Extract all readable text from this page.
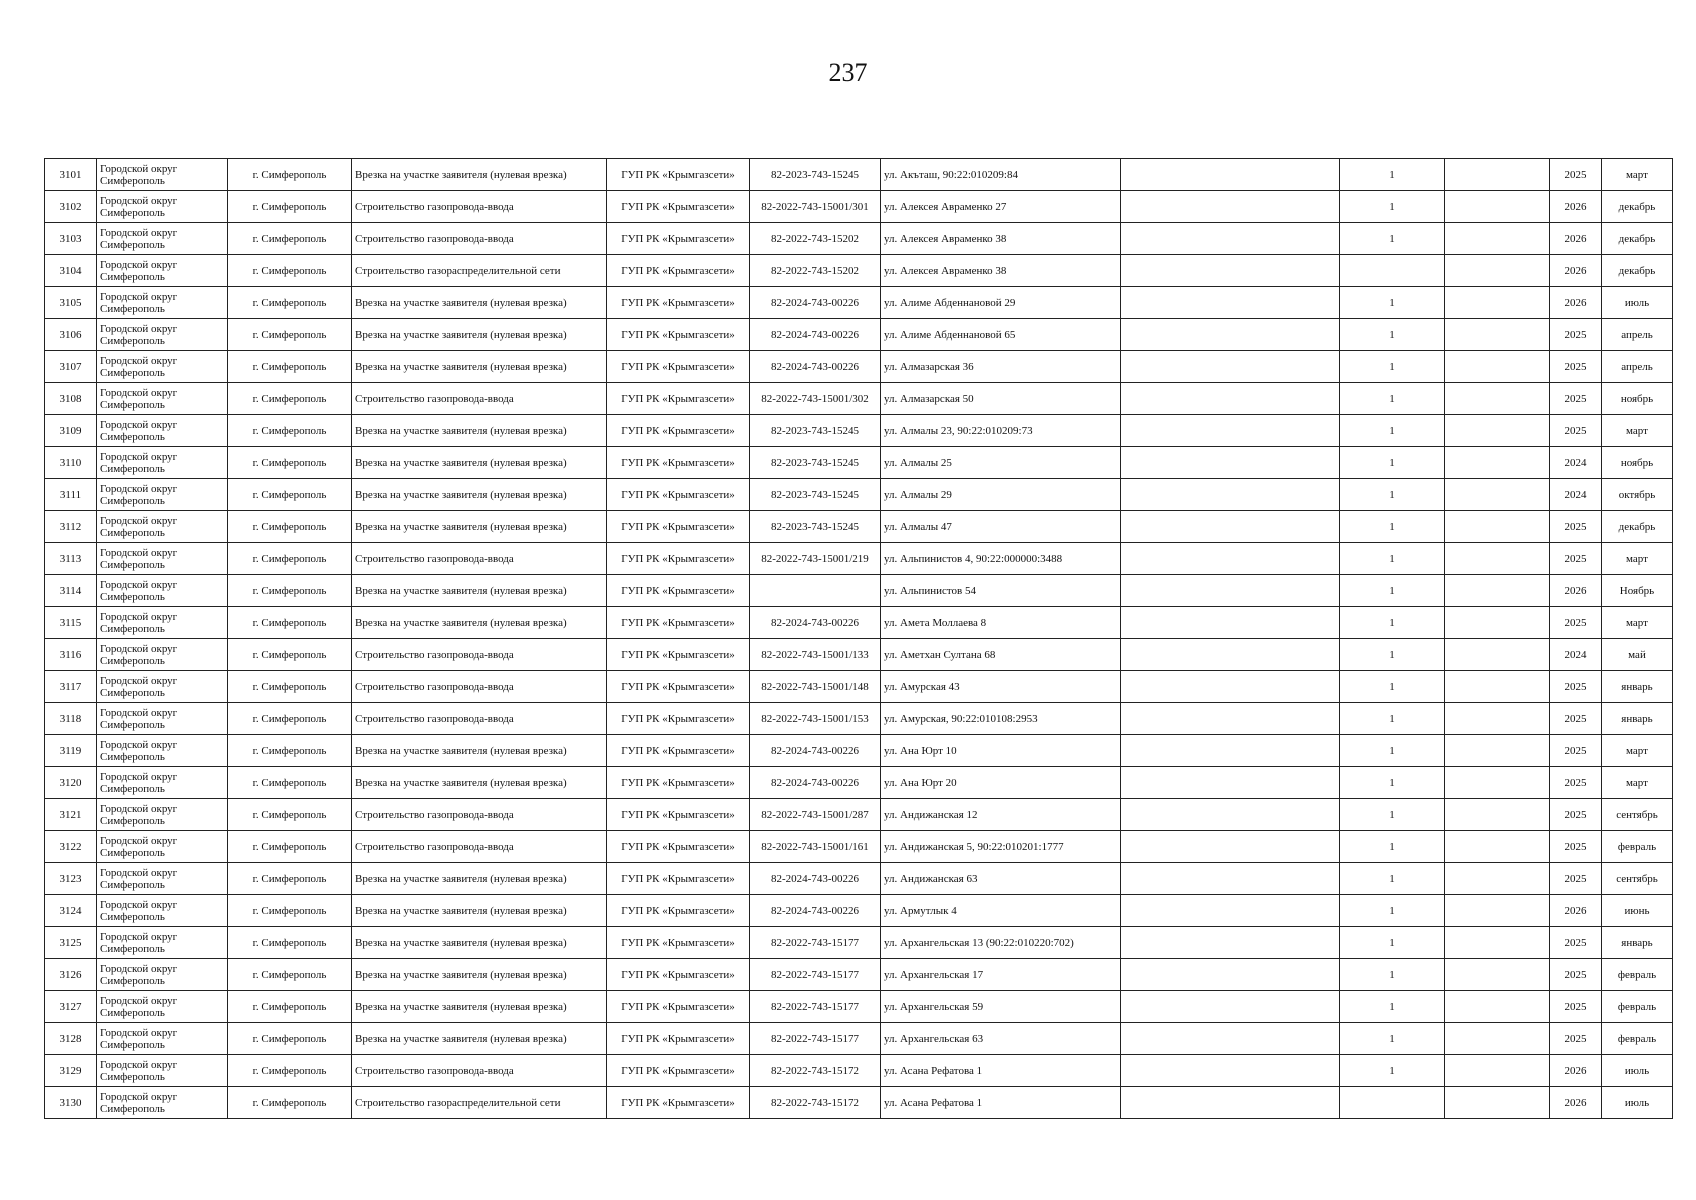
237
3101	Городской округ Симферополь	г. Симферополь	Врезка на участке заявителя (нулевая врезка)	ГУП РК «Крымгазсети»	82-2023-743-15245	ул. Акъташ, 90:22:010209:84		1		2025	март
3102	Городской округ Симферополь	г. Симферополь	Строительство газопровода-ввода	ГУП РК «Крымгазсети»	82-2022-743-15001/301	ул. Алексея Авраменко 27		1		2026	декабрь
3103	Городской округ Симферополь	г. Симферополь	Строительство газопровода-ввода	ГУП РК «Крымгазсети»	82-2022-743-15202	ул. Алексея Авраменко 38		1		2026	декабрь
3104	Городской округ Симферополь	г. Симферополь	Строительство газораспределительной сети	ГУП РК «Крымгазсети»	82-2022-743-15202	ул. Алексея Авраменко 38				2026	декабрь
3105	Городской округ Симферополь	г. Симферополь	Врезка на участке заявителя (нулевая врезка)	ГУП РК «Крымгазсети»	82-2024-743-00226	ул. Алиме Абденнановой 29		1		2026	июль
3106	Городской округ Симферополь	г. Симферополь	Врезка на участке заявителя (нулевая врезка)	ГУП РК «Крымгазсети»	82-2024-743-00226	ул. Алиме Абденнановой 65		1		2025	апрель
3107	Городской округ Симферополь	г. Симферополь	Врезка на участке заявителя (нулевая врезка)	ГУП РК «Крымгазсети»	82-2024-743-00226	ул. Алмазарская 36		1		2025	апрель
3108	Городской округ Симферополь	г. Симферополь	Строительство газопровода-ввода	ГУП РК «Крымгазсети»	82-2022-743-15001/302	ул. Алмазарская 50		1		2025	ноябрь
3109	Городской округ Симферополь	г. Симферополь	Врезка на участке заявителя (нулевая врезка)	ГУП РК «Крымгазсети»	82-2023-743-15245	ул. Алмалы 23, 90:22:010209:73		1		2025	март
3110	Городской округ Симферополь	г. Симферополь	Врезка на участке заявителя (нулевая врезка)	ГУП РК «Крымгазсети»	82-2023-743-15245	ул. Алмалы 25		1		2024	ноябрь
3111	Городской округ Симферополь	г. Симферополь	Врезка на участке заявителя (нулевая врезка)	ГУП РК «Крымгазсети»	82-2023-743-15245	ул. Алмалы 29		1		2024	октябрь
3112	Городской округ Симферополь	г. Симферополь	Врезка на участке заявителя (нулевая врезка)	ГУП РК «Крымгазсети»	82-2023-743-15245	ул. Алмалы 47		1		2025	декабрь
3113	Городской округ Симферополь	г. Симферополь	Строительство газопровода-ввода	ГУП РК «Крымгазсети»	82-2022-743-15001/219	ул. Альпинистов 4, 90:22:000000:3488		1		2025	март
3114	Городской округ Симферополь	г. Симферополь	Врезка на участке заявителя (нулевая врезка)	ГУП РК «Крымгазсети»		ул. Альпинистов 54		1		2026	Ноябрь
3115	Городской округ Симферополь	г. Симферополь	Врезка на участке заявителя (нулевая врезка)	ГУП РК «Крымгазсети»	82-2024-743-00226	ул. Амета Моллаева 8		1		2025	март
3116	Городской округ Симферополь	г. Симферополь	Строительство газопровода-ввода	ГУП РК «Крымгазсети»	82-2022-743-15001/133	ул. Аметхан Султана 68		1		2024	май
3117	Городской округ Симферополь	г. Симферополь	Строительство газопровода-ввода	ГУП РК «Крымгазсети»	82-2022-743-15001/148	ул. Амурская 43		1		2025	январь
3118	Городской округ Симферополь	г. Симферополь	Строительство газопровода-ввода	ГУП РК «Крымгазсети»	82-2022-743-15001/153	ул. Амурская, 90:22:010108:2953		1		2025	январь
3119	Городской округ Симферополь	г. Симферополь	Врезка на участке заявителя (нулевая врезка)	ГУП РК «Крымгазсети»	82-2024-743-00226	ул. Ана Юрт 10		1		2025	март
3120	Городской округ Симферополь	г. Симферополь	Врезка на участке заявителя (нулевая врезка)	ГУП РК «Крымгазсети»	82-2024-743-00226	ул. Ана Юрт 20		1		2025	март
3121	Городской округ Симферополь	г. Симферополь	Строительство газопровода-ввода	ГУП РК «Крымгазсети»	82-2022-743-15001/287	ул. Андижанская 12		1		2025	сентябрь
3122	Городской округ Симферополь	г. Симферополь	Строительство газопровода-ввода	ГУП РК «Крымгазсети»	82-2022-743-15001/161	ул. Андижанская 5, 90:22:010201:1777		1		2025	февраль
3123	Городской округ Симферополь	г. Симферополь	Врезка на участке заявителя (нулевая врезка)	ГУП РК «Крымгазсети»	82-2024-743-00226	ул. Андижанская 63		1		2025	сентябрь
3124	Городской округ Симферополь	г. Симферополь	Врезка на участке заявителя (нулевая врезка)	ГУП РК «Крымгазсети»	82-2024-743-00226	ул. Армутлык 4		1		2026	июнь
3125	Городской округ Симферополь	г. Симферополь	Врезка на участке заявителя (нулевая врезка)	ГУП РК «Крымгазсети»	82-2022-743-15177	ул. Архангельская 13 (90:22:010220:702)		1		2025	январь
3126	Городской округ Симферополь	г. Симферополь	Врезка на участке заявителя (нулевая врезка)	ГУП РК «Крымгазсети»	82-2022-743-15177	ул. Архангельская 17		1		2025	февраль
3127	Городской округ Симферополь	г. Симферополь	Врезка на участке заявителя (нулевая врезка)	ГУП РК «Крымгазсети»	82-2022-743-15177	ул. Архангельская 59		1		2025	февраль
3128	Городской округ Симферополь	г. Симферополь	Врезка на участке заявителя (нулевая врезка)	ГУП РК «Крымгазсети»	82-2022-743-15177	ул. Архангельская 63		1		2025	февраль
3129	Городской округ Симферополь	г. Симферополь	Строительство газопровода-ввода	ГУП РК «Крымгазсети»	82-2022-743-15172	ул. Асана Рефатова 1		1		2026	июль
3130	Городской округ Симферополь	г. Симферополь	Строительство газораспределительной сети	ГУП РК «Крымгазсети»	82-2022-743-15172	ул. Асана Рефатова 1				2026	июль
